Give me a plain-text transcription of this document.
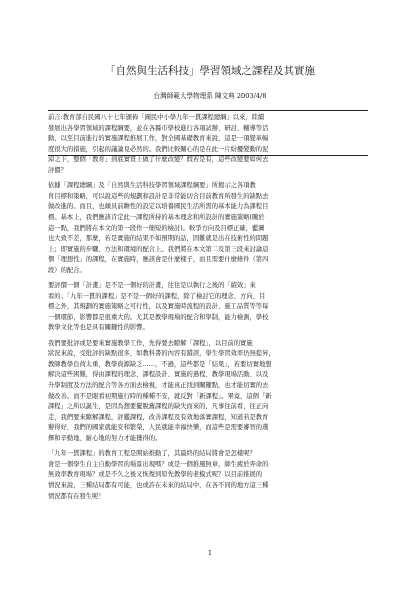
「自然與生活科技」學習領域之課程及其實施
台灣師範大學物理系 陳文典 2003/4/8
前言:教育部自民國八十七年頒佈「國民中小學九年一貫課程總綱」以來，陸續
發展出各學習領域的課程綱要，並在各縣市學校進行各項試辦、研討、輔導等活
動，以至目前進行的實施課程推展工作，對全國基礎教育來說，這是一項變革幅
度很大的措施，引起的議論見必然的。我們比較關心的是在此一片紛擾變動的泥
淖之下，整個「教育」到底實質上做了什麼改變？假若是有，這些改變要如何去
評價？
依據「課程總綱」及「自然與生活科技學習領域課程綱要」所揭示之各項教
育目標和策略，可以說這些的規劃和設計是非常能切合目前教育所發生的缺點去
做改進的。而且，也頗具前瞻性的設定以培養國民生活所需的基本能力為課程目
標。基本上，我們應該肯定此一課程所持的基本理念和所設計的實施策略(關於
這一點，我們將在本文的第一段作一簡短的檢討)。較爭方向及目標正確，藍圖
也大致不差，那麼，若是實施的結果不如預期的話，固難就是出在技術性的問題
上；即實施的步驟、方法和環境的配合上。我們將在本文第二及第三段來討論這
個「理想性」的課程，在實施時，應該會是什麼樣子，而且需要什麼條件（第四
段）的配合。
要評價一個「計畫」是不是一個好的計畫，往往是以執行之後的「績效」來
看的；「九年一貫的課程」是不是一個好的課程，除了檢討它的理念、方向、目
標之外，其規劃的實施策略之可行性，以及實施時流程的設計、施工品質等等每
一個環節，影響都是很重大的。尤其是教學現場的配合和學制，能力檢測，學校
教學文化等也是具有關鍵性的影響。
我們要批評或是要來實施教學工作，先得要去瞭解「課程」，以目前的實施
狀況來說，受批評的缺點很多，如教科書的內容有錯誤，學生學習效率仍無提昇，
教師教學負荷太重，教學資源缺乏……，不過，這些都是「結果」，若要切實地想
解決這些困難，得由課程的理念、課程設計、實施的過程、教學現場活動、以及
升學制度及方法的配合等各方面去檢視，才能真正找到關鍵點，也才能切實的去
做改善。而不是眼看初期施行時的種種不安，就反對「新課程」。畢竟，這個「新
課程」之所以誕生，是因為想要擺脫舊課程的缺失而來的，凡事往前看，往正向
走，我們要來瞭解課程，評鑑課程，改善課程及有效地落實課程，知道若是教育
辦得好，我們的國家就能安和繁榮，人民就能幸福快樂，而這些是需要審智的選
擇和辛勤地、耐心地的努力才能獲得的。
「九年一貫課程」的教育工程是開始推動了，其最終的結局將會是怎樣呢？
會是一個學生自主自動學習的場景出現嗎？或是一個推風無章，師生疲於奔命的
無效率教育現場？或是不久之後又恢復到原先教學的老模式呢？以目前推展的
情況來說，三種結局都有可能，也或許在未來的結局中，在各不同的地方這三種
情況都有在發生呢！
1
